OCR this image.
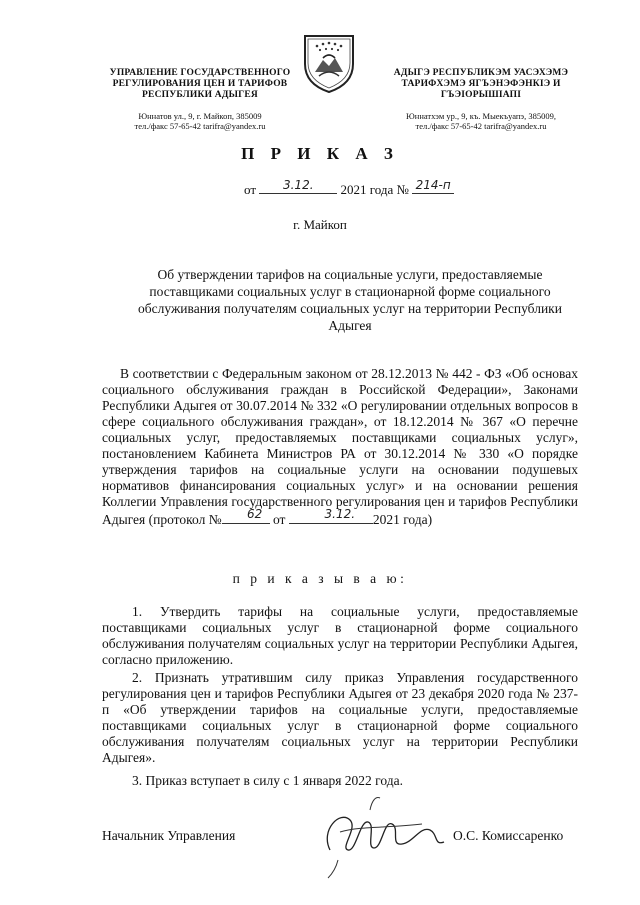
УПРАВЛЕНИЕ ГОСУДАРСТВЕННОГО РЕГУЛИРОВАНИЯ ЦЕН И ТАРИФОВ РЕСПУБЛИКИ АДЫГЕЯ
Юннатов ул., 9, г. Майкоп, 385009
тел./факс 57-65-42 tarifra@yandex.ru
АДЫГЭ РЕСПУБЛИКЭМ УАСЭХЭМЭ ТАРИФХЭМЭ ЯГЪЭНЭФЭНКIЭ И ГЪЭIОРЫШIАПI
Юннатхэм ур., 9, къ. Мыекъуапэ, 385009,
тел./факс 57-65-42 tarifra@yandex.ru
П Р И К А З
от	3.12.	2021 года № 214-п
г. Майкоп
Об утверждении тарифов на социальные услуги, предоставляемые поставщиками социальных услуг в стационарной форме социального обслуживания получателям социальных услуг на территории Республики Адыгея
В соответствии с Федеральным законом от 28.12.2013 № 442 - ФЗ «Об основах социального обслуживания граждан в Российской Федерации», Законами Республики Адыгея от 30.07.2014 № 332 «О регулировании отдельных вопросов в сфере социального обслуживания граждан», от 18.12.2014 № 367 «О перечне социальных услуг, предоставляемых поставщиками социальных услуг», постановлением Кабинета Министров РА от 30.12.2014 № 330 «О порядке утверждения тарифов на социальные услуги на основании подушевых нормативов финансирования социальных услуг» и на основании решения Коллегии Управления государственного регулирования цен и тарифов Республики Адыгея (протокол №	62 от	3.12.	2021 года)
п р и к а з ы в а ю:
1. Утвердить тарифы на социальные услуги, предоставляемые поставщиками социальных услуг в стационарной форме социального обслуживания получателям социальных услуг на территории Республики Адыгея, согласно приложению.
2. Признать утратившим силу приказ Управления государственного регулирования цен и тарифов Республики Адыгея от 23 декабря 2020 года № 237-п «Об утверждении тарифов на социальные услуги, предоставляемые поставщиками социальных услуг в стационарной форме социального обслуживания получателям социальных услуг на территории Республики Адыгея».
3. Приказ вступает в силу с 1 января 2022 года.
Начальник Управления	О.С. Комиссаренко
